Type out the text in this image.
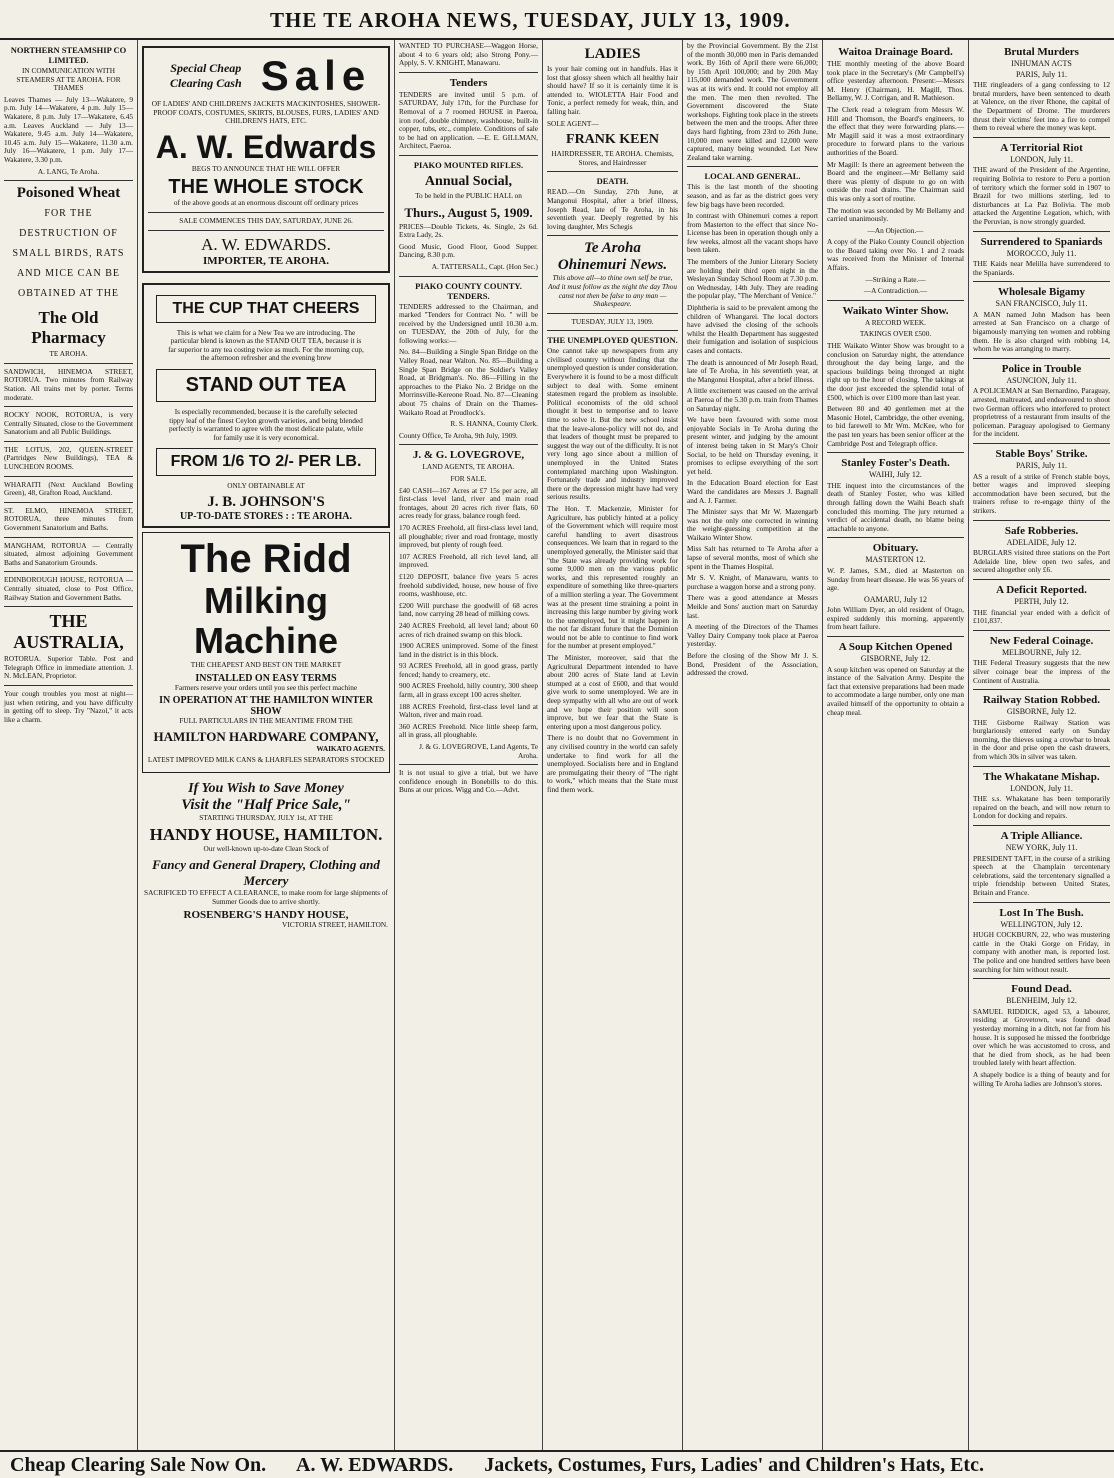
THE TE AROHA NEWS, TUESDAY, JULY 13, 1909.
NORTHERN STEAMSHIP CO LIMITED.

IN COMMUNICATION WITH STEAMERS AT TE AROHA. FOR THAMES

Leaves Thames — July 13—Wakatere, 9 p.m. July 14—Wakatere, 4 p.m. July 15—Wakatere, 8 p.m. July 17—Wakatere, 6.45 a.m. Leaves Auckland — July 13—Wakatere, 9.45 a.m. July 14—Wakatere, 10.45 a.m. July 15—Wakatere, 11.30 a.m. July 16—Wakatere, 1 p.m. July 17—Wakatere, 3.30 p.m.

A. LANG, Te Aroha.

Poisoned Wheat

FOR THE DESTRUCTION OF SMALL BIRDS, RATS AND MICE CAN BE OBTAINED AT THE

The Old Pharmacy

TE AROHA.

SANDWICH, HINEMOA STREET, ROTORUA. Two minutes from Railway Station. All trains met by porter. Terms moderate.

ROCKY NOOK, ROTORUA, is very Centrally Situated, close to the Government Sanatorium and all Public Buildings.

THE LOTUS, 202, QUEEN-STREET (Partridges New Buildings), TEA & LUNCHEON ROOMS.

WHARAITI (Next Auckland Bowling Green), 48, Grafton Road, Auckland.

ST. ELMO, HINEMOA STREET, ROTORUA, three minutes from Government Sanatorium and Baths.

MANGHAM, ROTORUA — Centrally situated, almost adjoining Government Baths and Sanatorium Grounds.

EDINBOROUGH HOUSE, ROTORUA — Centrally situated, close to Post Office, Railway Station and Government Baths.

THE AUSTRALIA,

ROTORUA. Superior Table. Post and Telegraph Office in immediate attention. J. N. McLEAN, Proprietor.

Your cough troubles you most at night—just when retiring, and you have difficulty in getting off to sleep. Try "Nazol," it acts like a charm.

Special Cheap Clearing Cash Sale

OF LADIES' AND CHILDREN'S JACKETS MACKINTOSHES, SHOWER-PROOF COATS, COSTUMES, SKIRTS, BLOUSES, FURS, LADIES' AND CHILDREN'S HATS, ETC.

A. W. Edwards

BEGS TO ANNOUNCE THAT HE WILL OFFER

THE WHOLE STOCK

of the above goods at an enormous discount off ordinary prices

SALE COMMENCES THIS DAY, SATURDAY, JUNE 26.

A. W. EDWARDS.
IMPORTER, TE AROHA.
THE CUP THAT CHEERS

This is what we claim for a New Tea we are introducing. The particular blend is known as the STAND OUT TEA, because it is far superior to any tea costing twice as much. For the morning cup, the afternoon refresher and the evening brew

STAND OUT TEA

Is especially recommended, because it is the carefully selected tippy leaf of the finest Ceylon growth varieties, and being blended perfectly is warranted to agree with the most delicate palate, while for family use it is very economical.

FROM 1/6 TO 2/- PER LB.

ONLY OBTAINABLE AT

J. B. JOHNSON'S
UP-TO-DATE STORES : : TE AROHA.
The Ridd
Milking Machine

THE CHEAPEST AND BEST ON THE MARKET

INSTALLED ON EASY TERMS

Farmers reserve your orders until you see this perfect machine

IN OPERATION AT THE HAMILTON WINTER SHOW

FULL PARTICULARS IN THE MEANTIME FROM THE

HAMILTON HARDWARE COMPANY,

WAIKATO AGENTS.

LATEST IMPROVED MILK CANS & LHARFLES SEPARATORS STOCKED

If You Wish to Save Money
Visit the "Half Price Sale,"

STARTING THURSDAY, JULY 1st, AT THE

HANDY HOUSE, HAMILTON.

Our well-known up-to-date Clean Stock of

Fancy and General Drapery, Clothing and Mercery

SACRIFICED TO EFFECT A CLEARANCE, to make room for large shipments of Summer Goods due to arrive shortly.

ROSENBERG'S HANDY HOUSE,

VICTORIA STREET, HAMILTON.

WANTED TO PURCHASE—Waggon Horse, about 4 to 6 years old; also Strong Pony.—Apply, S. V. KNIGHT, Manawaru.

Tenders

TENDERS are invited until 5 p.m. of SATURDAY, July 17th, for the Purchase for Removal of a 7 roomed HOUSE in Paeroa, iron roof, double chimney, washhouse, built-in copper, tubs, etc., complete. Conditions of sale to be had on application. —E. E. GILLMAN, Architect, Paeroa.

PIAKO MOUNTED RIFLES.
Annual Social,

To be held in the PUBLIC HALL on

Thurs., August 5, 1909.

PRICES—Double Tickets, 4s. Single, 2s 6d. Extra Lady, 2s.

Good Music, Good Floor, Good Supper. Dancing, 8.30 p.m.

A. TATTERSALL, Capt. (Hon Sec.)

PIAKO COUNTY COUNTY. TENDERS.

TENDERS addressed to the Chairman, and marked "Tenders for Contract No. " will be received by the Undersigned until 10.30 a.m. on TUESDAY, the 20th of July, for the following works:—

No. 84—Building a Single Span Bridge on the Valley Road, near Walton. No. 85—Building a Single Span Bridge on the Soldier's Valley Road, at Bridgman's. No. 86—Filling in the approaches to the Piako No. 2 Bridge on the Morrinsville-Kereone Road. No. 87—Cleaning about 75 chains of Drain on the Thames-Waikato Road at Proudlock's.

R. S. HANNA, County Clerk.

County Office, Te Aroha, 9th July, 1909.

J. & G. LOVEGROVE,

LAND AGENTS, TE AROHA.

FOR SALE.

£40 CASH—167 Acres at £7 15s per acre, all first-class level land, river and main road frontages, about 20 acres rich river flats, 60 acres ready for grass, balance rough feed.

170 ACRES Freehold, all first-class level land, all ploughable; river and road frontage, mostly improved, but plenty of rough feed.

107 ACRES Freehold, all rich level land, all improved.

£120 DEPOSIT, balance five years 5 acres freehold subdivided, house, new house of five rooms, washhouse, etc.

£200 Will purchase the goodwill of 68 acres land, now carrying 28 head of milking cows.

240 ACRES Freehold, all level land; about 60 acres of rich drained swamp on this block.

1900 ACRES unimproved. Some of the finest land in the district is in this block.

93 ACRES Freehold, all in good grass, partly fenced; handy to creamery, etc.

900 ACRES Freehold, hilly country, 300 sheep farm, all in grass except 100 acres shelter.

188 ACRES Freehold, first-class level land at Walton, river and main road.

360 ACRES Freehold. Nice little sheep farm, all in grass, all ploughable.

J. & G. LOVEGROVE, Land Agents, Te Aroha.

It is not usual to give a trial, but we have confidence enough in Bonebills to do this. Buns at our prices. Wigg and Co.—Advt.

LADIES

Is your hair coming out in handfuls. Has it lost that glossy sheen which all healthy hair should have? If so it is certainly time it is attended to. WIOLETTA Hair Food and Tonic, a perfect remedy for weak, thin, and falling hair.

SOLE AGENT—

FRANK KEEN

HAIRDRESSER, TE AROHA. Chemists, Stores, and Hairdresser

DEATH.

READ.—On Sunday, 27th June, at Mangonui Hospital, after a brief illness, Joseph Read, late of Te Aroha, in his seventieth year. Deeply regretted by his loving daughter, Mrs Schegis

Te Aroha
Ohinemuri News.

This above all—to thine own self be true, And it must follow as the night the day Thou canst not then be false to any man —Shakespeare.

TUESDAY, JULY 13, 1909.

THE UNEMPLOYED QUESTION.

One cannot take up newspapers from any civilised country without finding that the unemployed question is under consideration. Everywhere it is found to be a most difficult subject to deal with. Some eminent statesmen regard the problem as insoluble. Political economists of the old school thought it best to temporise and to leave time to solve it. But the new school insist that the leave-alone-policy will not do, and that leaders of thought must be prepared to suggest the way out of the difficulty. It is not very long ago since about a million of unemployed in the United States contemplated marching upon Washington. Fortunately trade and industry improved there or the depression might have had very serious results.

The Hon. T. Mackenzie, Minister for Agriculture, has publicly hinted at a policy of the Government which will require most careful handling to avert disastrous consequences. We learn that in regard to the unemployed generally, the Minister said that "the State was already providing work for some 9,000 men on the various public works, and this represented roughly an expenditure of something like three-quarters of a million sterling a year. The Government was at the present time straining a point in increasing this large number by giving work to the unemployed, but it might happen in the not far distant future that the Dominion would not be able to continue to find work for the number at present employed."

The Minister, moreover, said that the Agricultural Department intended to have about 200 acres of State land at Levin stumped at a cost of £600, and that would give work to some unemployed. We are in deep sympathy with all who are out of work and we hope their position will soon improve, but we fear that the State is entering upon a most dangerous policy.

There is no doubt that no Government in any civilised country in the world can safely undertake to find work for all the unemployed. Socialists here and in England are promulgating their theory of "The right to work," which means that the State must find them work.

by the Provincial Government. By the 21st of the month 30,000 men in Paris demanded work. By 16th of April there were 66,000; by 15th April 100,000; and by 20th May 115,000 demanded work. The Government was at its wit's end. It could not employ all the men. The men then revolted. The Government discovered the State workshops. Fighting took place in the streets between the men and the troops. After three days hard fighting, from 23rd to 26th June, 10,000 men were killed and 12,000 were captured, many being wounded. Let New Zealand take warning.

LOCAL AND GENERAL.

This is the last month of the shooting season, and as far as the district goes very few big bags have been recorded.

In contrast with Ohinemuri comes a report from Masterton to the effect that since No-License has been in operation though only a few weeks, almost all the vacant shops have been taken.

The members of the Junior Literary Society are holding their third open night in the Wesleyan Sunday School Room at 7.30 p.m. on Wednesday, 14th July. They are reading the popular play, "The Merchant of Venice."

Diphtheria is said to be prevalent among the children of Whangarei. The local doctors have advised the closing of the schools whilst the Health Department has suggested their fumigation and isolation of suspicious cases and contacts.

The death is announced of Mr Joseph Read, late of Te Aroha, in his seventieth year, at the Mangonui Hospital, after a brief illness.

A little excitement was caused on the arrival at Paeroa of the 5.30 p.m. train from Thames on Saturday night.

We have been favoured with some most enjoyable Socials in Te Aroha during the present winter, and judging by the amount of interest being taken in St Mary's Choir Social, to be held on Thursday evening, it promises to eclipse everything of the sort yet held.

In the Education Board election for East Ward the candidates are Messrs J. Bagnall and A. J. Farmer.

The Minister says that Mr W. Mazengarb was not the only one corrected in winning the weight-guessing competition at the Waikato Winter Show.

Miss Salt has returned to Te Aroha after a lapse of several months, most of which she spent in the Thames Hospital.

Mr S. V. Knight, of Manawaru, wants to purchase a waggon horse and a strong pony.

There was a good attendance at Messrs Meikle and Sons' auction mart on Saturday last.

A meeting of the Directors of the Thames Valley Dairy Company took place at Paeroa yesterday.

Before the closing of the Show Mr J. S. Bond, President of the Association, addressed the crowd.

Waitoa Drainage Board.

THE monthly meeting of the above Board took place in the Secretary's (Mr Campbell's) office yesterday afternoon. Present:—Messrs M. Henry (Chairman), H. Magill, Thos. Bellamy, W. J. Corrigan, and R. Mathieson.

The Clerk read a telegram from Messrs W. Hill and Thomson, the Board's engineers, to the effect that they were forwarding plans.—Mr Magill said it was a most extraordinary procedure to forward plans to the various authorities of the Board.

Mr Magill: Is there an agreement between the Board and the engineer.—Mr Bellamy said there was plenty of dispute to go on with outside the road drains. The Chairman said this was only a sort of routine.

The motion was seconded by Mr Bellamy and carried unanimously.

—An Objection.—

A copy of the Piako County Council objection to the Board taking over No. 1 and 2 roads was received from the Minister of Internal Affairs.

—Striking a Rate.—

—A Contradiction.—

Waikato Winter Show.

A RECORD WEEK.

TAKINGS OVER £500.

THE Waikato Winter Show was brought to a conclusion on Saturday night, the attendance throughout the day being large, and the spacious buildings being thronged at night right up to the hour of closing. The takings at the door just exceeded the splendid total of £500, which is over £100 more than last year.

Between 80 and 40 gentlemen met at the Masonic Hotel, Cambridge, the other evening, to bid farewell to Mr Wm. McKee, who for the past ten years has been senior officer at the Cambridge Post and Telegraph office.

Stanley Foster's Death.

WAIHI, July 12.

THE inquest into the circumstances of the death of Stanley Foster, who was killed through falling down the Waihi Beach shaft concluded this morning. The jury returned a verdict of accidental death, no blame being attachable to anyone.

Obituary.

MASTERTON 12.

W. P. James, S.M., died at Masterton on Sunday from heart disease. He was 56 years of age.

OAMARU, July 12

John William Dyer, an old resident of Otago, expired suddenly this morning, apparently from heart failure.

A Soup Kitchen Opened

GISBORNE, July 12.

A soup kitchen was opened on Saturday at the instance of the Salvation Army. Despite the fact that extensive preparations had been made to accommodate a large number, only one man availed himself of the opportunity to obtain a cheap meal.

Brutal Murders

INHUMAN ACTS

PARIS, July 11.

THE ringleaders of a gang confessing to 12 brutal murders, have been sentenced to death at Valence, on the river Rhone, the capital of the Department of Drome. The murderers thrust their victims' feet into a fire to compel them to reveal where the money was kept.

A Territorial Riot

LONDON, July 11.

THE award of the President of the Argentine, requiring Bolivia to restore to Peru a portion of territory which the former sold in 1907 to Brazil for two millions sterling, led to disturbances at La Paz Bolivia. The mob attacked the Argentine Legation, which, with the Peruvian, is now strongly guarded.

Surrendered to Spaniards

MOROCCO, July 11.

THE Kaids near Melilla have surrendered to the Spaniards.

Wholesale Bigamy

SAN FRANCISCO, July 11.

A MAN named John Madson has been arrested at San Francisco on a charge of bigamously marrying ten women and robbing them. He is also charged with robbing 14, whom he was arranging to marry.

Police in Trouble

ASUNCION, July 11.

A POLICEMAN at San Bernardino, Paraguay, arrested, maltreated, and endeavoured to shoot two German officers who interfered to protect proprietress of a restaurant from insults of the policeman. Paraguay apologised to Germany for the incident.

Stable Boys' Strike.

PARIS, July 11.

AS a result of a strike of French stable boys, better wages and improved sleeping accommodation have been secured, but the trainers refuse to re-engage thirty of the strikers.

Safe Robberies.

ADELAIDE, July 12.

BURGLARS visited three stations on the Port Adelaide line, blew open two safes, and secured altogether only £6.

A Deficit Reported.

PERTH, July 12.

THE financial year ended with a deficit of £101,837.

New Federal Coinage.

MELBOURNE, July 12.

THE Federal Treasury suggests that the new silver coinage bear the impress of the Continent of Australia.

Railway Station Robbed.

GISBORNE, July 12.

THE Gisborne Railway Station was burglariously entered early on Sunday morning, the thieves using a crowbar to break in the door and prise open the cash drawers, from which 30s in silver was taken.

The Whakatane Mishap.

LONDON, July 11.

THE s.s. Whakatane has been temporarily repaired on the beach, and will now return to London for docking and repairs.

A Triple Alliance.

NEW YORK, July 11.

PRESIDENT TAFT, in the course of a striking speech at the Champlain tercentenary celebrations, said the tercentenary signalled a triple friendship between United States, Britain and France.

Lost In The Bush.

WELLINGTON, July 12.

HUGH COCKBURN, 22, who was mustering cattle in the Otaki Gorge on Friday, in company with another man, is reported lost. The police and one hundred settlers have been searching for him without result.

Found Dead.

BLENHEIM, July 12.

SAMUEL RIDDICK, aged 53, a labourer, residing at Grovetown, was found dead yesterday morning in a ditch, not far from his house. It is supposed he missed the footbridge over which he was accustomed to cross, and that he died from shock, as he had been troubled lately with heart affection.

A shapely bodice is a thing of beauty and for willing Te Aroha ladies are Johnson's stores.

Cheap Clearing Sale Now On. A. W. EDWARDS. Jackets, Costumes, Furs, Ladies' and Children's Hats, Etc.
